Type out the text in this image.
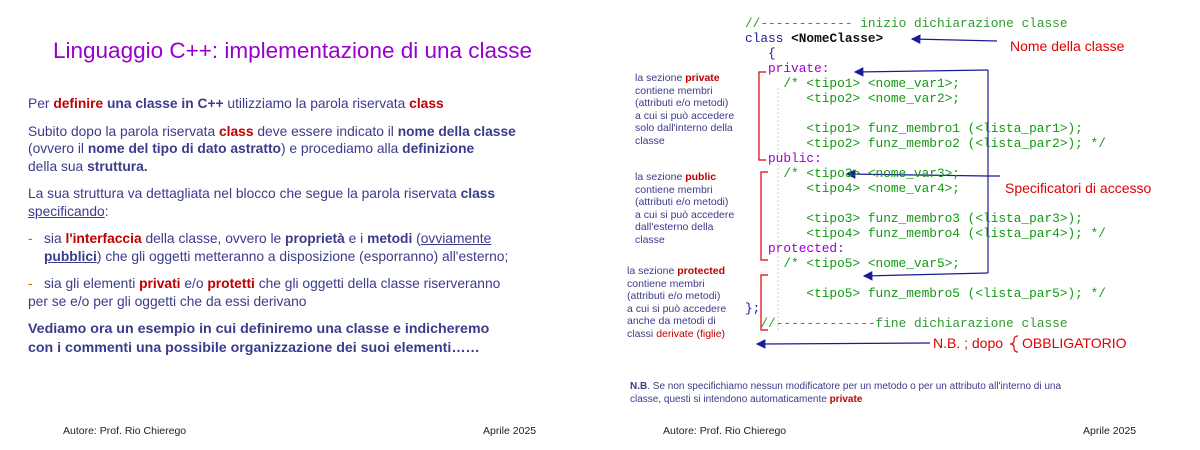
Linguaggio C++: implementazione di una classe

Per definire una classe in C++ utilizziamo la parola riservata class

Subito dopo la parola riservata class deve essere indicato il nome della classe
(ovvero il nome del tipo di dato astratto) e procediamo alla definizione
della sua struttura.

La sua struttura va dettagliata nel blocco che segue la parola riservata class
specificando:

- sia l'interfaccia della classe, ovvero le proprietà e i metodi (ovviamente
pubblici) che gli oggetti metteranno a disposizione (esporranno) all'esterno;

- sia gli elementi privati e/o protetti che gli oggetti della classe riserveranno
per se e/o per gli oggetti che da essi derivano

Vediamo ora un esempio in cui definiremo una classe e indicheremo
con i commenti una possibile organizzazione dei suoi elementi……

Autore: Prof. Rio Chierego	Aprile 2025
//------------ inizio dichiarazione classe
class <NomeClasse>
{
private:
/* <tipo1> <nome_var1>;
<tipo2> <nome_var2>;

<tipo1> funz_membro1 (<lista_par1>);
<tipo2> funz_membro2 (<lista_par2>); */
public:
/* <tipo3> <nome_var3>;
<tipo4> <nome_var4>;

<tipo3> funz_membro3 (<lista_par3>);
<tipo4> funz_membro4 (<lista_par4>); */
protected:
/* <tipo5> <nome_var5>;

<tipo5> funz_membro5 (<lista_par5>); */
};
//-------------fine dichiarazione classe
la sezione private
contiene membri
(attributi e/o metodi)
a cui si può accedere
solo dall'interno della
classe
la sezione public
contiene membri
(attributi e/o metodi)
a cui si può accedere
dall'esterno della
classe
la sezione protected
contiene membri
(attributi e/o metodi)
a cui si può accedere
anche da metodi di
classi derivate (figlie)
Nome della classe
Specificatori di accesso
N.B. ; dopo OBBLIGATORIO
N.B. Se non specifichiamo nessun modificatore per un metodo o per un attributo all'interno di una
classe, questi si intendono automaticamente private
Autore: Prof. Rio Chierego	Aprile 2025
